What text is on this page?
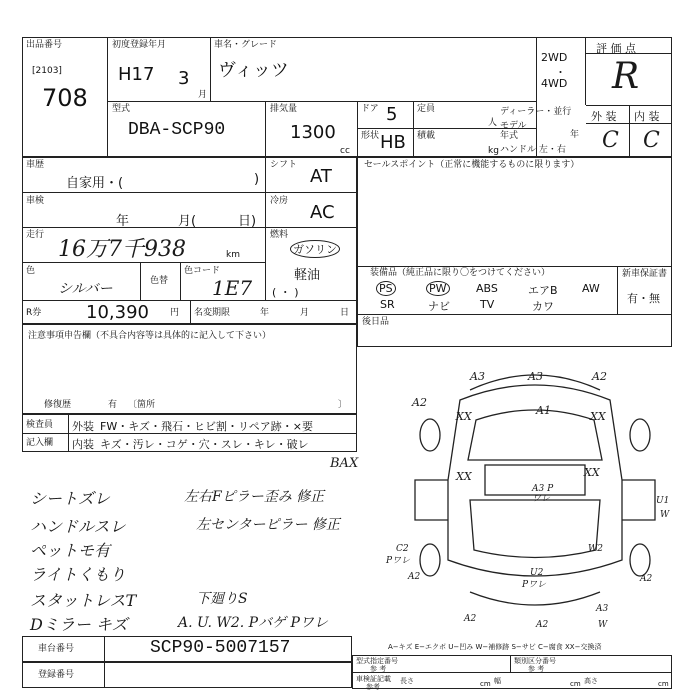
出品番号
[2103]
708
初度登録年月
H17 3
月
車名・グレード
ヴィッツ
2WD
・
4WD
評 価 点
R
外 装 内 装
C C
型式
DBA-SCP90
排気量
1300
cc
ドア 5 定員
人
形状 HB 積載
kg
ディーラー・並行
モデル年式	年
ハンドル 左・右
車歴
自家用・(	)
シフト
AT
車検
年	月(	日)
冷房
AC
走行
16万7千938	km
燃料
ガソリン
軽油
( ・ )
色
シルバー	色替
色コード
1E7
R券 10,390 円 名変期限	年	月	日
セールスポイント（正常に機能するものに限ります）
装備品（純正品に限り〇をつけてください）
PS	PW	ABS	エアB AW
SR	ナビ	TV	カワ
新車保証書
有・無
後日品
注意事項申告欄（不具合内容等は具体的に記入して下さい）
修復歴	有 〔箇所	〕
検査員
記入欄
外装 FW・キズ・飛石・ヒビ割・リペア跡・×要
内装 キズ・汚レ・コゲ・穴・スレ・キレ・破レ
シートズレ
ハンドルスレ
ペットモ有
ライトくもり
スタットレスT
Dミラー キズ
BAX
左右Fピラー歪み 修正
左センターピラー 修正
下廻りS
A. U. W2. Pバゲ Pワレ
A3	A3	A2
A2
A1
XX	XX
XX	XX
A3 Pワレ	U1
W
C2
Pワレ
W2
A2	U2
Pワレ
A2
A2
A3
A2	W
A−キズ E−エクボ U−凹み W−補修跡 S−サビ C−腐食 XX−交換済
車台番号	SCP90-5007157
登録番号
型式指定番号
参 考
類別区分番号
参 考
車検証記載
参考
長さ	cm 幅	cm 高さ	cm
